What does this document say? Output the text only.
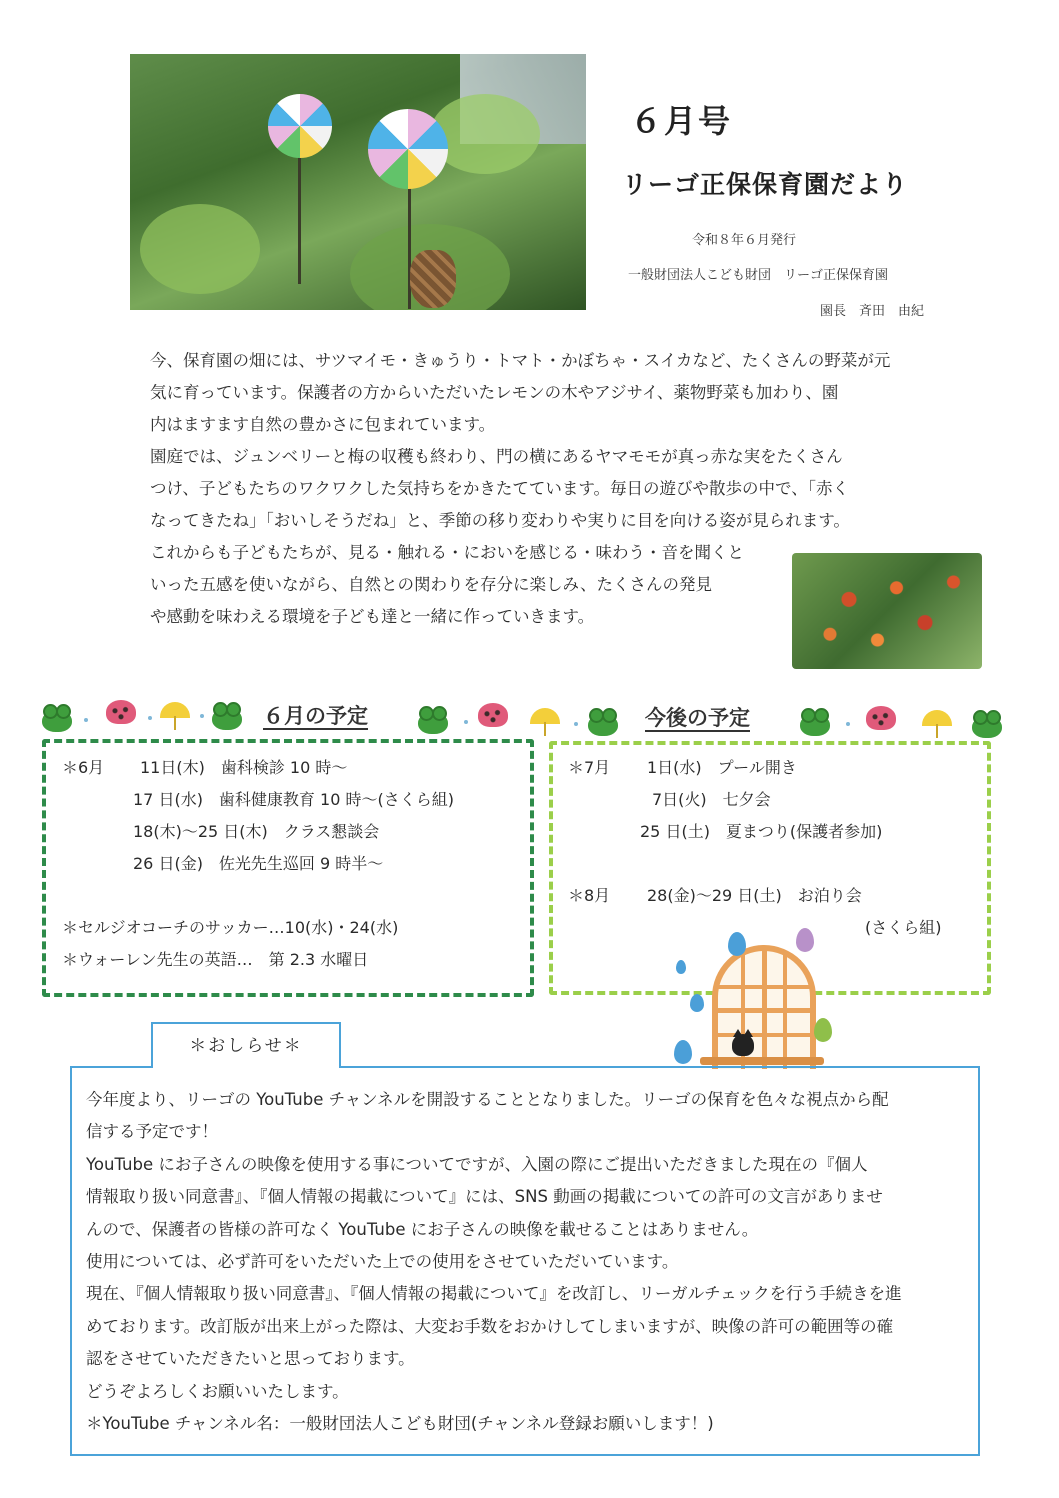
６月号
リーゴ正保保育園だより
令和８年６月発行
一般財団法人こども財団　リーゴ正保保育園
園長　斉田　由紀

今、保育園の畑には、サツマイモ・きゅうり・トマト・かぼちゃ・スイカなど、たくさんの野菜が元

気に育っています。保護者の方からいただいたレモンの木やアジサイ、薬物野菜も加わり、園

内はますます自然の豊かさに包まれています。

園庭では、ジュンベリーと梅の収穫も終わり、門の横にあるヤマモモが真っ赤な実をたくさん

つけ、子どもたちのワクワクした気持ちをかきたてています。毎日の遊びや散歩の中で、「赤く

なってきたね」「おいしそうだね」と、季節の移り変わりや実りに目を向ける姿が見られます。

これからも子どもたちが、見る・触れる・においを感じる・味わう・音を聞くと

いった五感を使いながら、自然との関わりを存分に楽しみ、たくさんの発見

や感動を味わえる環境を子ども達と一緒に作っていきます。

６月の予定	今後の予定
＊6月 11日(木)　歯科検診 10 時～
17 日(水)　歯科健康教育 10 時～(さくら組)
18(木)～25 日(木)　クラス懇談会
26 日(金)　佐光先生巡回 9 時半～
＊セルジオコーチのサッカー…10(水)・24(水)
＊ウォーレン先生の英語…　第 2.3 水曜日
＊7月 1日(水)　プール開き
7日(火)　七夕会
25 日(土)　夏まつり(保護者参加)
＊8月 28(金)～29 日(土)　お泊り会
(さくら組)
＊おしらせ＊

今年度より、リーゴの YouTube チャンネルを開設することとなりました。リーゴの保育を色々な視点から配

信する予定です！

YouTube にお子さんの映像を使用する事についてですが、入園の際にご提出いただきました現在の『個人

情報取り扱い同意書』、『個人情報の掲載について』には、SNS 動画の掲載についての許可の文言がありませ

んので、保護者の皆様の許可なく YouTube にお子さんの映像を載せることはありません。

使用については、必ず許可をいただいた上での使用をさせていただいています。

現在、『個人情報取り扱い同意書』、『個人情報の掲載について』を改訂し、リーガルチェックを行う手続きを進

めております。改訂版が出来上がった際は、大変お手数をおかけしてしまいますが、映像の許可の範囲等の確

認をさせていただきたいと思っております。

どうぞよろしくお願いいたします。

＊YouTube チャンネル名：一般財団法人こども財団(チャンネル登録お願いします！)
